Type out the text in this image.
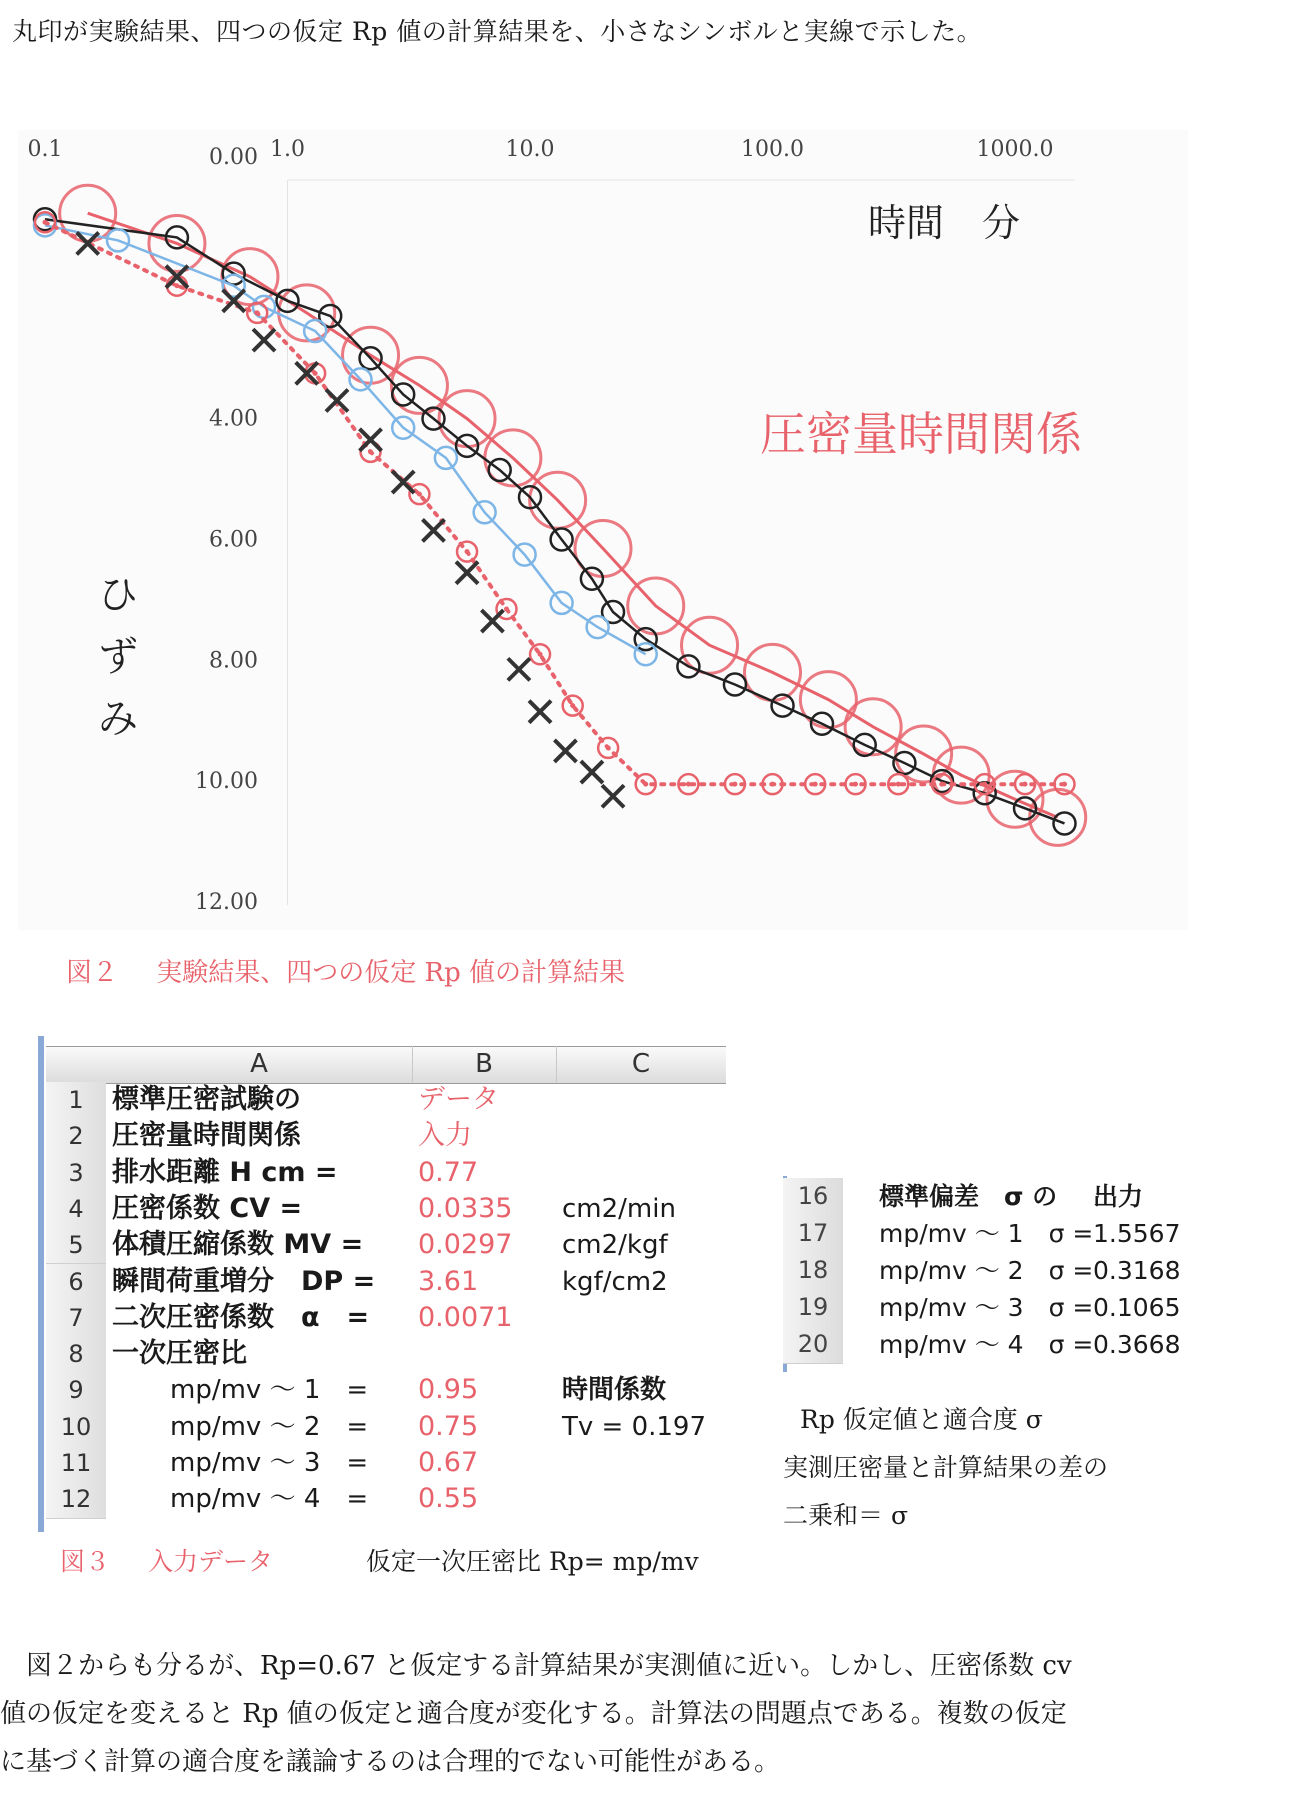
丸印が実験結果、四つの仮定 Rp 値の計算結果を、小さなシンボルと実線で示した。
0.1	1.0	10.0	100.0	1000.0
0.00
4.00
6.00
8.00
10.00
12.00
時間　分
圧密量時間関係
ひ
ず
み
図２ 実験結果、四つの仮定 Rp 値の計算結果
A	B	C
1	標準圧密試験の	データ
2	圧密量時間関係	入力
3	排水距離 H cm =	0.77
4	圧密係数 CV =	0.0335 cm2/min
5	体積圧縮係数 MV = 0.0297 cm2/kgf
6	瞬間荷重増分　DP = 3.61	kgf/cm2
7	二次圧密係数　α　= 0.0071
8	一次圧密比
9	mp/mv ～ 1　= 0.95	時間係数
10	mp/mv ～ 2　= 0.75	Tv = 0.197
11	mp/mv ～ 3　= 0.67
12	mp/mv ～ 4　= 0.55
16	標準偏差　σ の 出力
17	mp/mv ～ 1　σ = 1.5567
18	mp/mv ～ 2　σ = 0.3168
19	mp/mv ～ 3　σ = 0.1065
20	mp/mv ～ 4　σ = 0.3668
Rp 仮定値と適合度 σ
実測圧密量と計算結果の差の
二乗和＝ σ
図３ 入力データ	仮定一次圧密比 Rp= mp/mv

　図２からも分るが、Rp=0.67 と仮定する計算結果が実測値に近い。しかし、圧密係数 cv

値の仮定を変えると Rp 値の仮定と適合度が変化する。計算法の問題点である。複数の仮定

に基づく計算の適合度を議論するのは合理的でない可能性がある。
